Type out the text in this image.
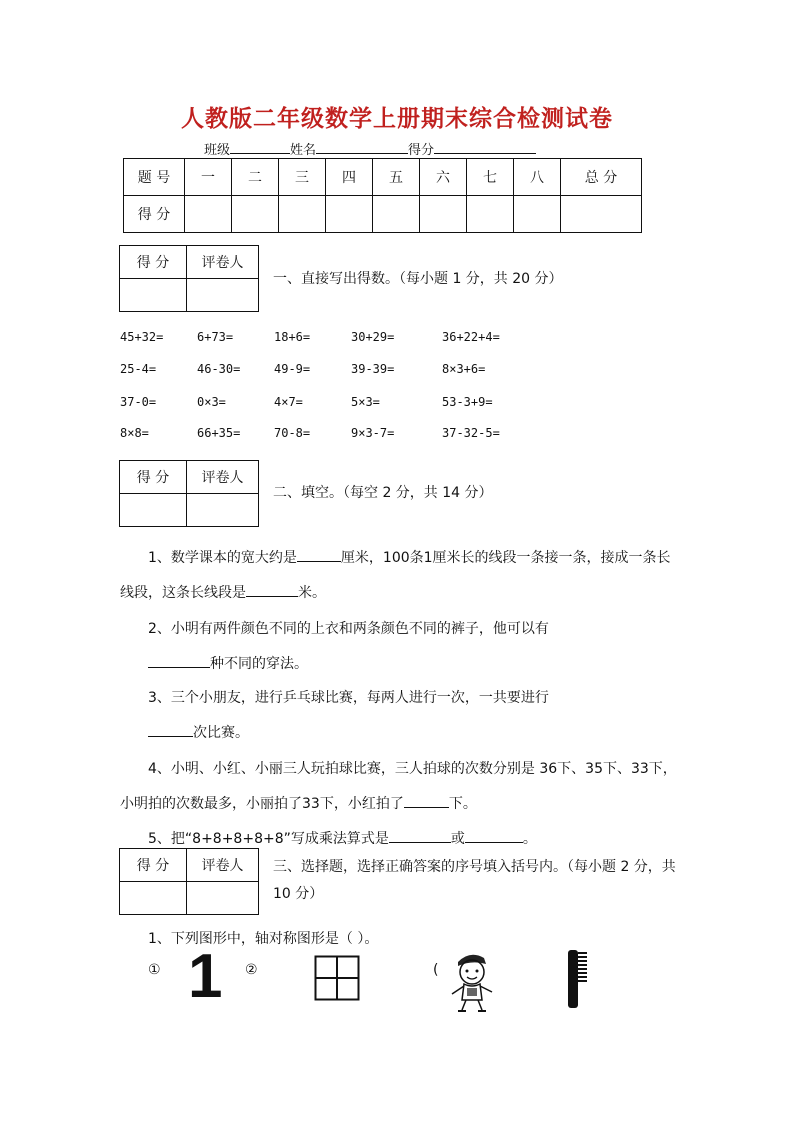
人教版二年级数学上册期末综合检测试卷
班级	姓名	得分
题 号	一	二	三	四	五	六	七	八	总 分
得 分									
得 分	评卷人

一、直接写出得数。（每小题 1 分，共 20 分）
45+32=	6+73=	18+6=	30+29=	36+22+4=
25-4=	46-30=	49-9=	39-39=	8×3+6=
37-0=	0×3=	4×7=	5×3=	53-3+9=
8×8=	66+35=	70-8=	9×3-7=	37-32-5=
得 分	评卷人

二、填空。（每空 2 分，共 14 分）
1、数学课本的宽大约是	厘米，100条1厘米长的线段一条接一条，接成一条长
线段，这条长线段是	米。
2、小明有两件颜色不同的上衣和两条颜色不同的裤子，他可以有
种不同的穿法。
3、三个小朋友，进行乒乓球比赛，每两人进行一次，一共要进行
次比赛。
4、小明、小红、小丽三人玩拍球比赛，三人拍球的次数分别是 36下、35下、33下，
小明拍的次数最多，小丽拍了33下，小红拍了	下。
5、把“8+8+8+8+8”写成乘法算式是	或	。
得 分	评卷人
	三、选择题，选择正确答案的序号填入括号内。（每小题 2 分，共
10 分）
1、下列图形中，轴对称图形是（ ）。
① 1 ②	(
